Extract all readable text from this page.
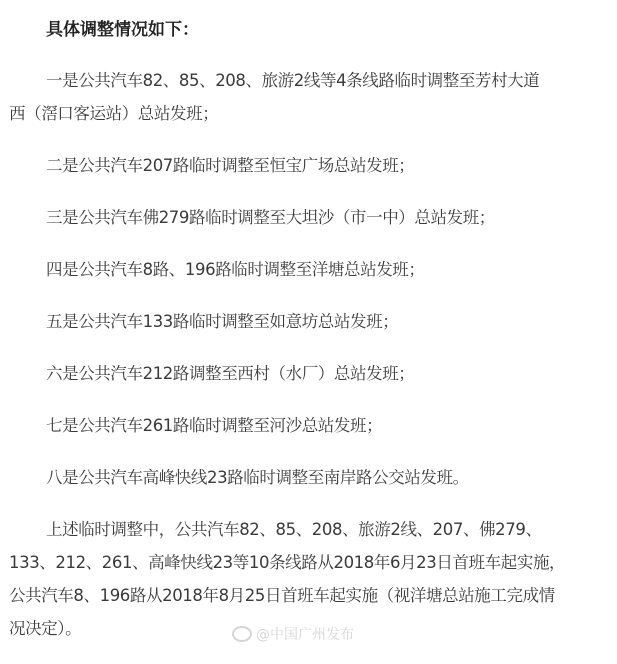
具体调整情况如下：
一是公共汽车82、85、208、旅游2线等4条线路临时调整至芳村大道
西（滘口客运站）总站发班；
二是公共汽车207路临时调整至恒宝广场总站发班；
三是公共汽车佛279路临时调整至大坦沙（市一中）总站发班；
四是公共汽车8路、196路临时调整至洋塘总站发班；
五是公共汽车133路临时调整至如意坊总站发班；
六是公共汽车212路调整至西村（水厂）总站发班；
七是公共汽车261路临时调整至河沙总站发班；
八是公共汽车高峰快线23路临时调整至南岸路公交站发班。
上述临时调整中，公共汽车82、85、208、旅游2线、207、佛279、
133、212、261、高峰快线23等10条线路从2018年6月23日首班车起实施，
公共汽车8、196路从2018年8月25日首班车起实施（视洋塘总站施工完成情
况决定）。	@中国广州发布
